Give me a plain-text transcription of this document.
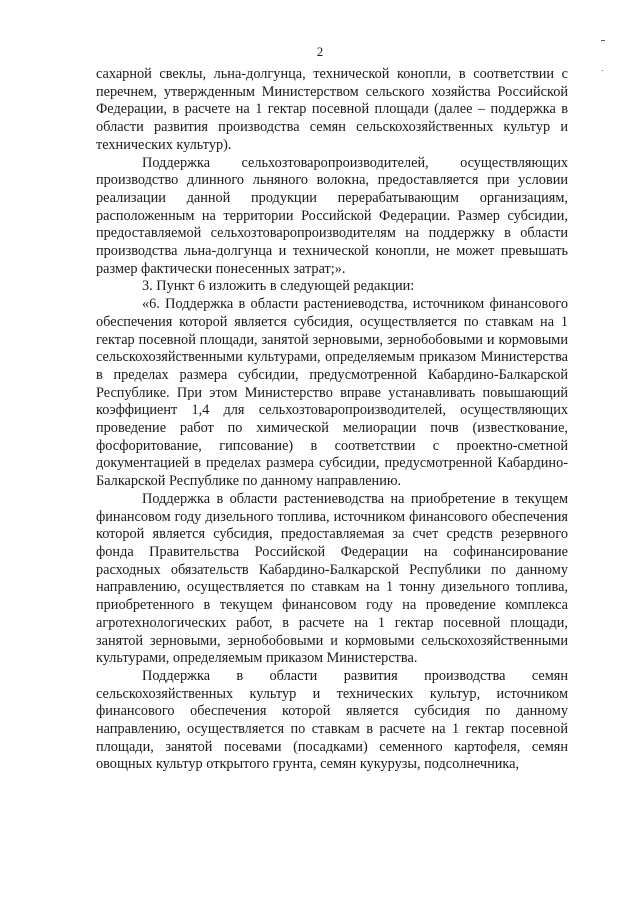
2

сахарной свеклы, льна-долгунца, технической конопли, в соответствии с перечнем, утвержденным Министерством сельского хозяйства Российской Федерации, в расчете на 1 гектар посевной площади (далее – поддержка в области развития производства семян сельскохозяйственных культур и технических культур).

Поддержка сельхозтоваропроизводителей, осуществляющих производство длинного льняного волокна, предоставляется при условии реализации данной продукции перерабатывающим организациям, расположенным на территории Российской Федерации. Размер субсидии, предоставляемой сельхозтоваропроизводителям на поддержку в области производства льна-долгунца и технической конопли, не может превышать размер фактически понесенных затрат;».

3. Пункт 6 изложить в следующей редакции:

«6. Поддержка в области растениеводства, источником финансового обеспечения которой является субсидия, осуществляется по ставкам на 1 гектар посевной площади, занятой зерновыми, зернобобовыми и кормовыми сельскохозяйственными культурами, определяемым приказом Министерства в пределах размера субсидии, предусмотренной Кабардино-Балкарской Республике. При этом Министерство вправе устанавливать повышающий коэффициент 1,4 для сельхозтоваропроизводителей, осуществляющих проведение работ по химической мелиорации почв (известкование, фосфоритование, гипсование) в соответствии с проектно-сметной документацией в пределах размера субсидии, предусмотренной Кабардино-Балкарской Республике по данному направлению.

Поддержка в области растениеводства на приобретение в текущем финансовом году дизельного топлива, источником финансового обеспечения которой является субсидия, предоставляемая за счет средств резервного фонда Правительства Российской Федерации на софинансирование расходных обязательств Кабардино-Балкарской Республики по данному направлению, осуществляется по ставкам на 1 тонну дизельного топлива, приобретенного в текущем финансовом году на проведение комплекса агротехнологических работ, в расчете на 1 гектар посевной площади, занятой зерновыми, зернобобовыми и кормовыми сельскохозяйственными культурами, определяемым приказом Министерства.

Поддержка в области развития производства семян сельскохозяйственных культур и технических культур, источником финансового обеспечения которой является субсидия по данному направлению, осуществляется по ставкам в расчете на 1 гектар посевной площади, занятой посевами (посадками) семенного картофеля, семян овощных культур открытого грунта, семян кукурузы, подсолнечника,
